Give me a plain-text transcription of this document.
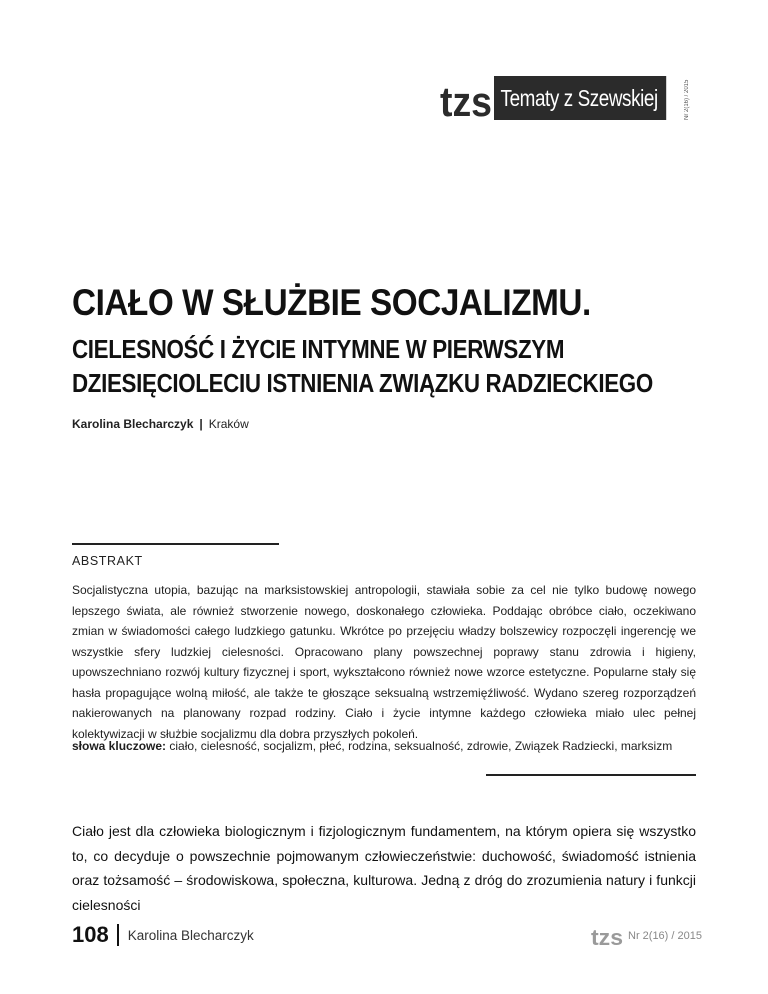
tzs Tematy z Szewskiej	Nr 2(16) / 2015
CIAŁO W SŁUŻBIE SOCJALIZMU.
CIELESNOŚĆ I ŻYCIE INTYMNE W PIERWSZYM
DZIESIĘCIOLECIU ISTNIENIA ZWIĄZKU RADZIECKIEGO
Karolina Blecharczyk | Kraków
ABSTRAKT

Socjalistyczna utopia, bazując na marksistowskiej antropologii, stawiała sobie za cel nie tylko budowę nowego lepszego świata, ale również stworzenie nowego, doskonałego człowieka. Poddając obróbce ciało, oczekiwano zmian w świadomości całego ludzkiego gatunku. Wkrótce po przejęciu władzy bolszewicy rozpoczęli ingerencję we wszystkie sfery ludzkiej cielesności. Opracowano plany powszechnej poprawy stanu zdrowia i higieny, upowszechniano rozwój kultury fizycznej i sport, wykształcono również nowe wzorce estetyczne. Popularne stały się hasła propagujące wolną miłość, ale także te głoszące seksualną wstrzemięźliwość. Wydano szereg rozporządzeń nakierowanych na planowany rozpad rodziny. Ciało i życie intymne każdego człowieka miało ulec pełnej kolektywizacji w służbie socjalizmu dla dobra przyszłych pokoleń.

słowa kluczowe: ciało, cielesność, socjalizm, płeć, rodzina, seksualność, zdrowie, Związek Radziecki, marksizm

Ciało jest dla człowieka biologicznym i fizjologicznym fundamentem, na którym opiera się wszystko to, co decyduje o powszechnie pojmowanym człowieczeństwie: duchowość, świadomość istnienia oraz tożsamość – środowiskowa, społeczna, kulturowa. Jedną z dróg do zrozumienia natury i funkcji cielesności

108 Karolina Blecharczyk	tzs Nr 2(16) / 2015
